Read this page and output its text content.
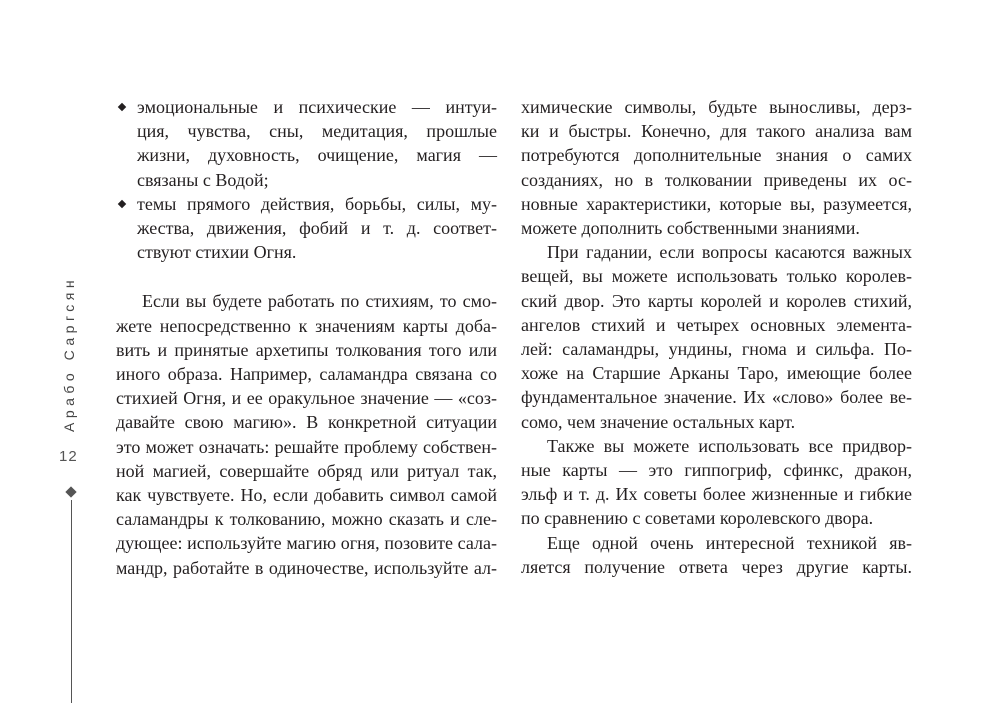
Арабо Саргсян
12
эмоциональные и психические — интуи-
ция, чувства, сны, медитация, прошлые
жизни, духовность, очищение, магия —
связаны с Водой;
темы прямого действия, борьбы, силы, му-
жества, движения, фобий и т. д. соответ-
ствуют стихии Огня.

Если вы будете работать по стихиям, то смо-
жете непосредственно к значениям карты доба-
вить и принятые архетипы толкования того или
иного образа. Например, саламандра связана со
стихией Огня, и ее оракульное значение — «соз-
давайте свою магию». В конкретной ситуации
это может означать: решайте проблему собствен-
ной магией, совершайте обряд или ритуал так,
как чувствуете. Но, если добавить символ самой
саламандры к толкованию, можно сказать и сле-
дующее: используйте магию огня, позовите сала-
мандр, работайте в одиночестве, используйте ал-

химические символы, будьте выносливы, дерз-
ки и быстры. Конечно, для такого анализа вам
потребуются дополнительные знания о самих
созданиях, но в толковании приведены их ос-
новные характеристики, которые вы, разумеется,
можете дополнить собственными знаниями.

При гадании, если вопросы касаются важных
вещей, вы можете использовать только королев-
ский двор. Это карты королей и королев стихий,
ангелов стихий и четырех основных элемента-
лей: саламандры, ундины, гнома и сильфа. По-
хоже на Старшие Арканы Таро, имеющие более
фундаментальное значение. Их «слово» более ве-
сомо, чем значение остальных карт.

Также вы можете использовать все придвор-
ные карты — это гиппогриф, сфинкс, дракон,
эльф и т. д. Их советы более жизненные и гибкие
по сравнению с советами королевского двора.

Еще одной очень интересной техникой яв-
ляется получение ответа через другие карты.
